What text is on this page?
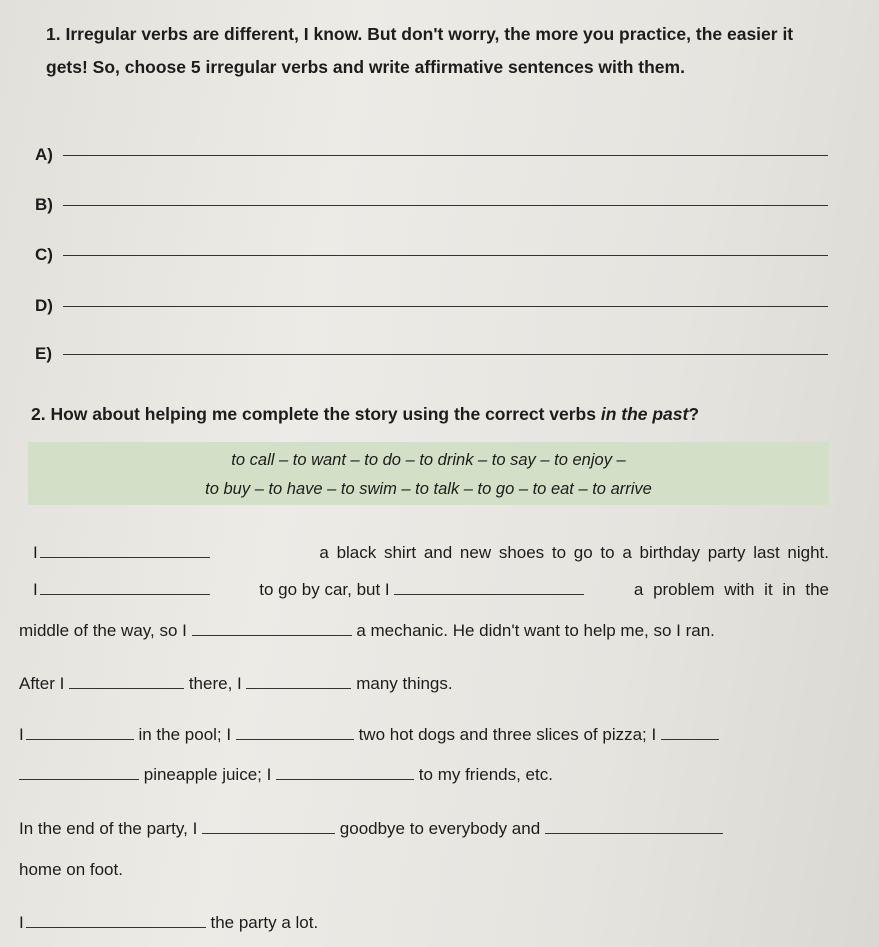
1. Irregular verbs are different, I know. But don't worry, the more you practice, the easier it gets! So, choose 5 irregular verbs and write affirmative sentences with them.
A)
B)
C)
D)
E)
2. How about helping me complete the story using the correct verbs in the past?
to call – to want – to do – to drink – to say – to enjoy –
to buy – to have – to swim – to talk – to go – to eat – to arrive
I	a black shirt and new shoes to go to a birthday party last night.
I	to go by car, but I	a problem with it in the
middle of the way, so I	a mechanic. He didn't want to help me, so I ran.
After I	there, I	many things.
I	in the pool; I	two hot dogs and three slices of pizza; I
pineapple juice; I	to my friends, etc.
In the end of the party, I	goodbye to everybody and
home on foot.
I	the party a lot.
